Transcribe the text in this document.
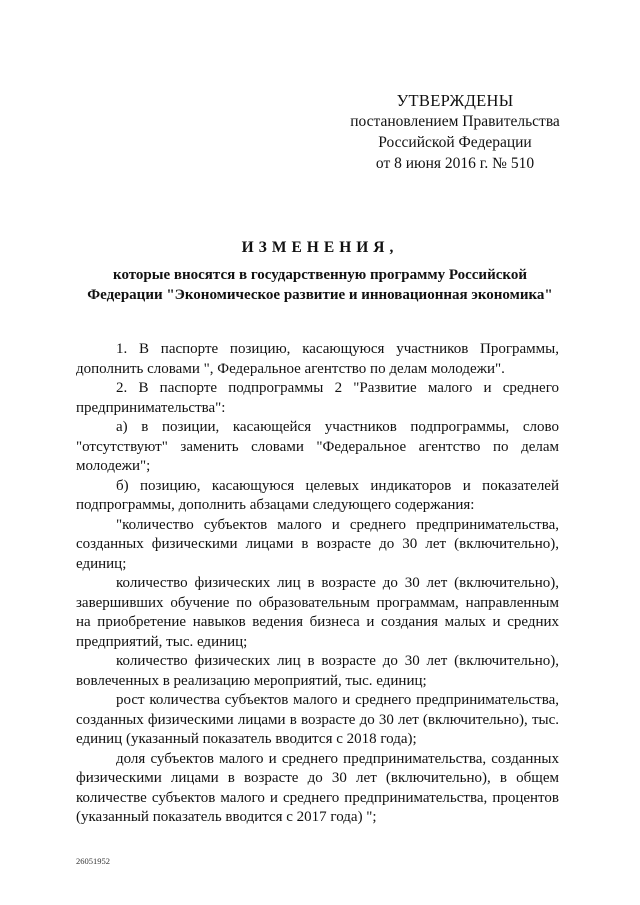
УТВЕРЖДЕНЫ
постановлением Правительства
Российской Федерации
от 8 июня 2016 г. № 510
ИЗМЕНЕНИЯ,
которые вносятся в государственную программу Российской
Федерации "Экономическое развитие и инновационная экономика"

1. В паспорте позицию, касающуюся участников Программы, дополнить словами ", Федеральное агентство по делам молодежи".

2. В паспорте подпрограммы 2 "Развитие малого и среднего предпринимательства":

а) в позиции, касающейся участников подпрограммы, слово "отсутствуют" заменить словами "Федеральное агентство по делам молодежи";

б) позицию, касающуюся целевых индикаторов и показателей подпрограммы, дополнить абзацами следующего содержания:

"количество субъектов малого и среднего предпринимательства, созданных физическими лицами в возрасте до 30 лет (включительно), единиц;

количество физических лиц в возрасте до 30 лет (включительно), завершивших обучение по образовательным программам, направленным на приобретение навыков ведения бизнеса и создания малых и средних предприятий, тыс. единиц;

количество физических лиц в возрасте до 30 лет (включительно), вовлеченных в реализацию мероприятий, тыс. единиц;

рост количества субъектов малого и среднего предпринимательства, созданных физическими лицами в возрасте до 30 лет (включительно), тыс. единиц (указанный показатель вводится с 2018 года);

доля субъектов малого и среднего предпринимательства, созданных физическими лицами в возрасте до 30 лет (включительно), в общем количестве субъектов малого и среднего предпринимательства, процентов (указанный показатель вводится с 2017 года) ";

26051952
